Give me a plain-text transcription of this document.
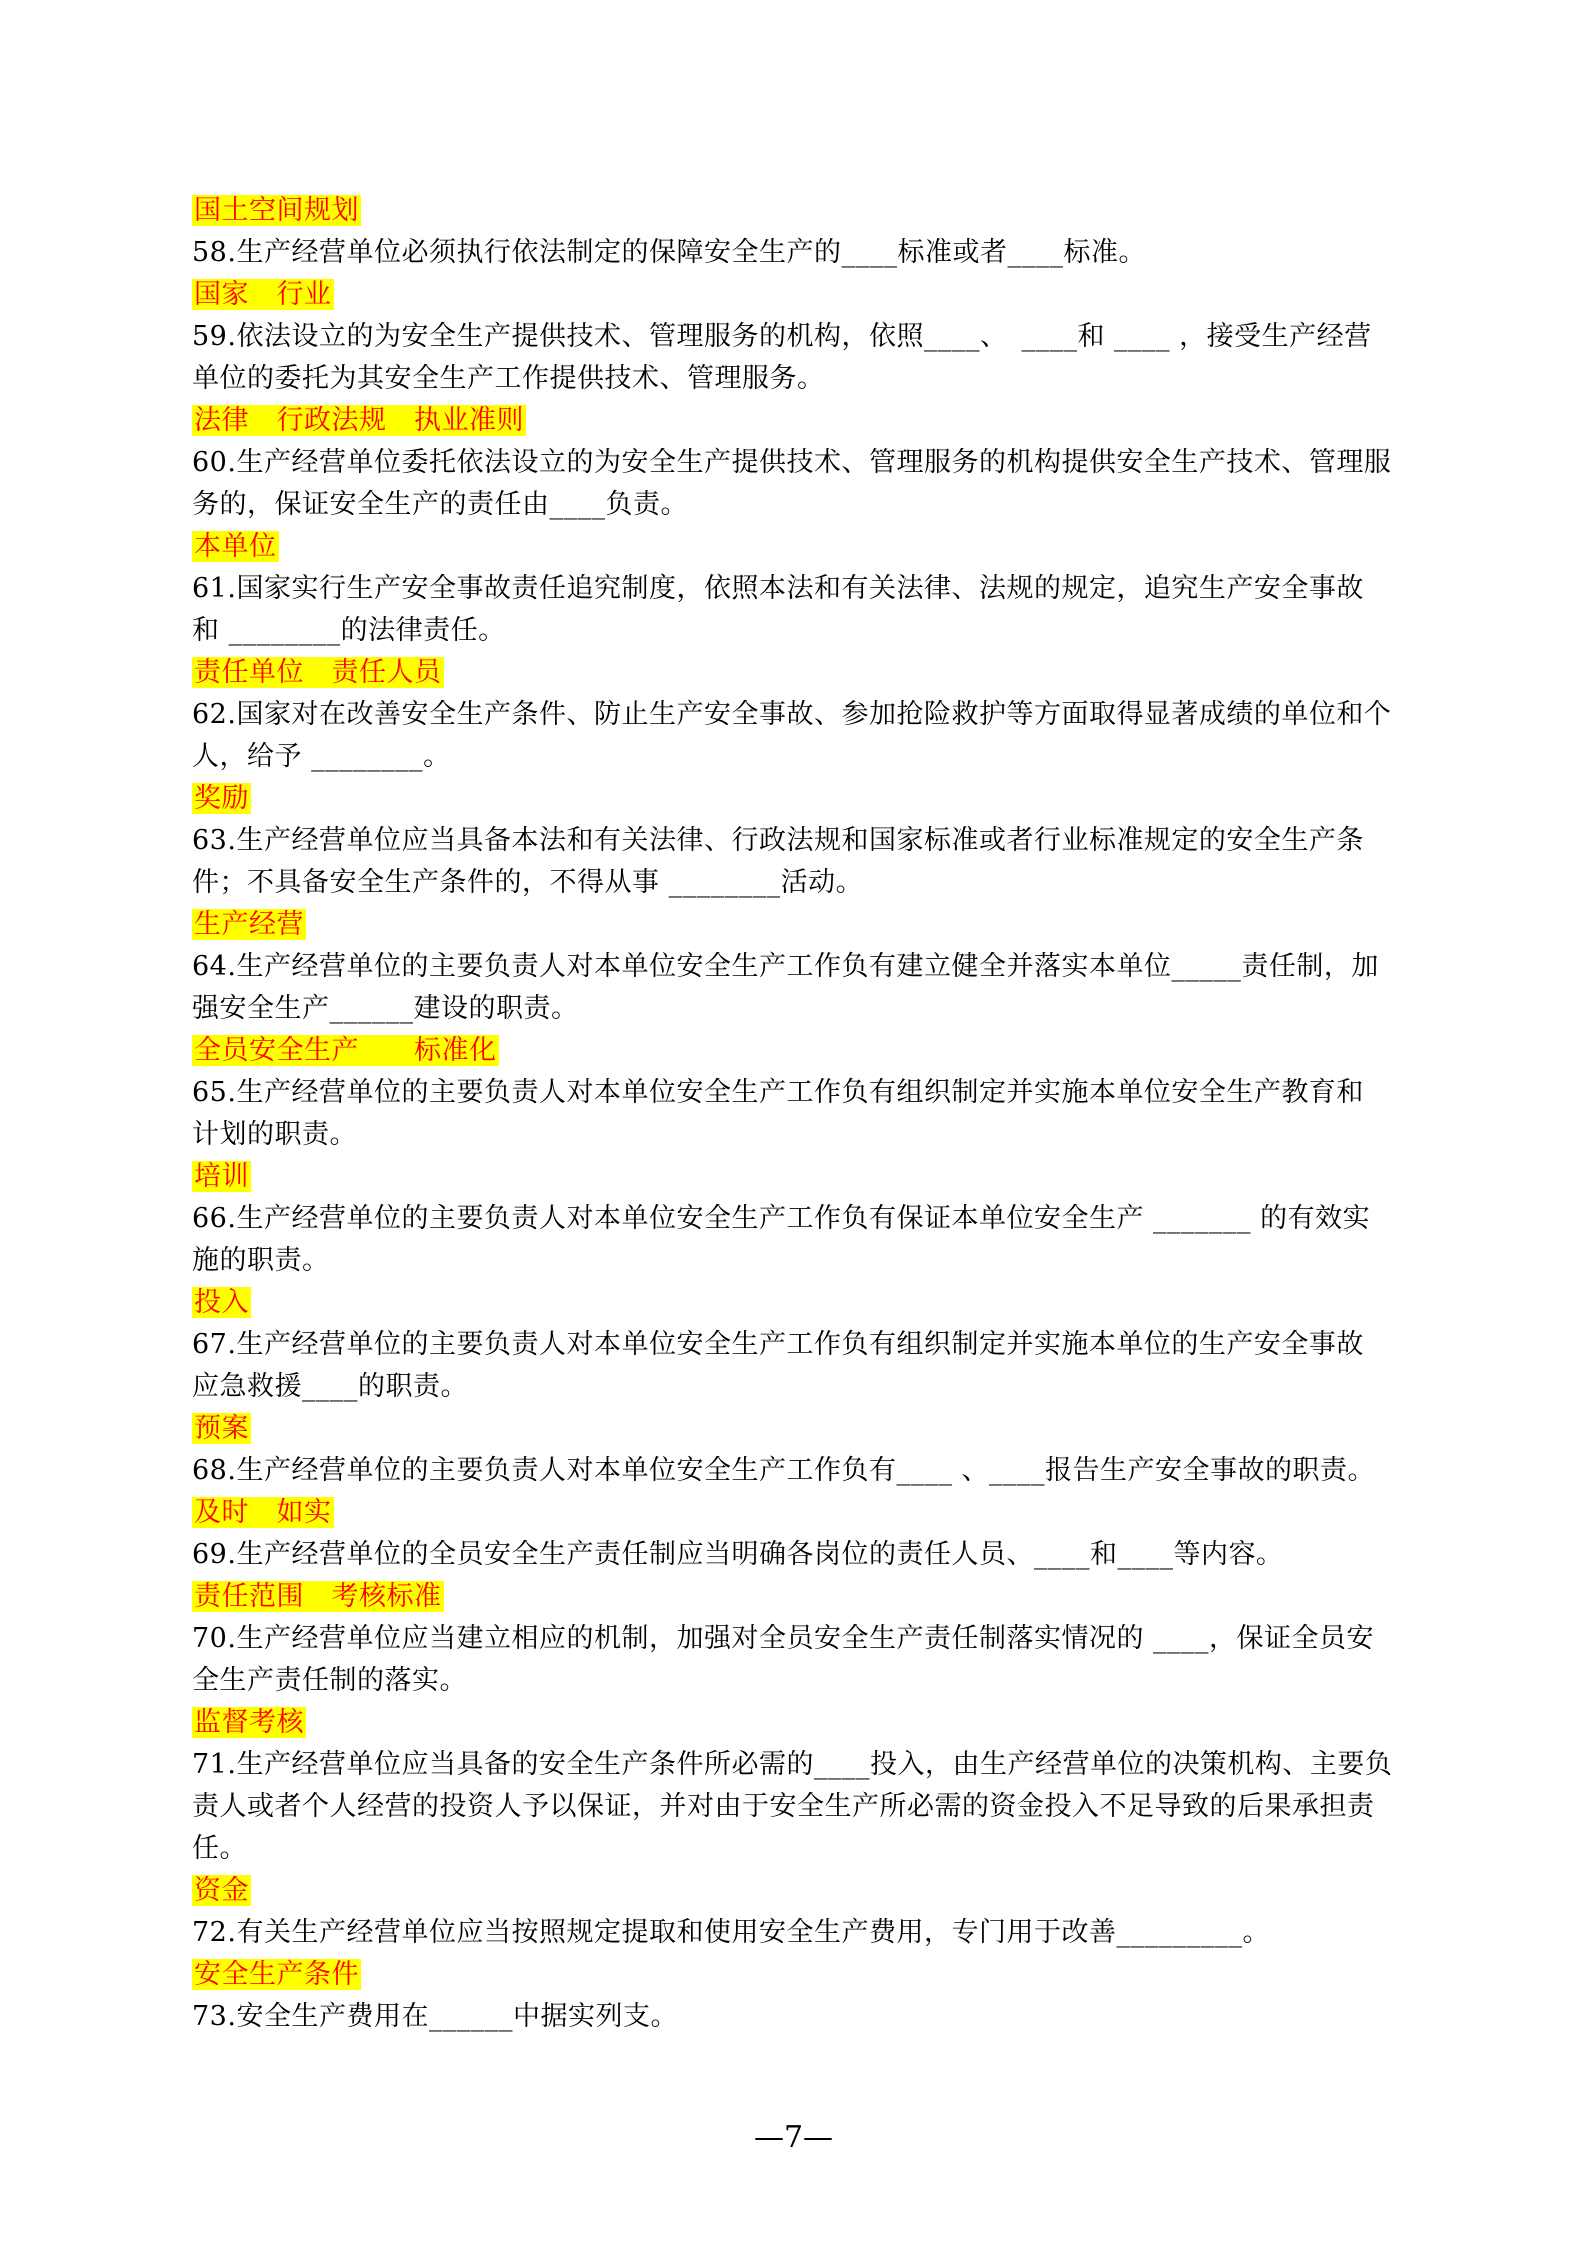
国土空间规划
58.生产经营单位必须执行依法制定的保障安全生产的____标准或者____标准。
国家　行业
59.依法设立的为安全生产提供技术、管理服务的机构，依照____、　____和 ____ ，接受生产经营
单位的委托为其安全生产工作提供技术、管理服务。
法律　行政法规　执业准则
60.生产经营单位委托依法设立的为安全生产提供技术、管理服务的机构提供安全生产技术、管理服
务的，保证安全生产的责任由____负责。
本单位
61.国家实行生产安全事故责任追究制度，依照本法和有关法律、法规的规定，追究生产安全事故
和 ________的法律责任。
责任单位　责任人员
62.国家对在改善安全生产条件、防止生产安全事故、参加抢险救护等方面取得显著成绩的单位和个
人，给予 ________。
奖励
63.生产经营单位应当具备本法和有关法律、行政法规和国家标准或者行业标准规定的安全生产条
件；不具备安全生产条件的，不得从事 ________活动。
生产经营
64.生产经营单位的主要负责人对本单位安全生产工作负有建立健全并落实本单位_____责任制，加
强安全生产______建设的职责。
全员安全生产　　标准化
65.生产经营单位的主要负责人对本单位安全生产工作负有组织制定并实施本单位安全生产教育和
计划的职责。
培训
66.生产经营单位的主要负责人对本单位安全生产工作负有保证本单位安全生产 _______ 的有效实
施的职责。
投入
67.生产经营单位的主要负责人对本单位安全生产工作负有组织制定并实施本单位的生产安全事故
应急救援____的职责。
预案
68.生产经营单位的主要负责人对本单位安全生产工作负有____ 、____报告生产安全事故的职责。
及时　如实
69.生产经营单位的全员安全生产责任制应当明确各岗位的责任人员、____和____等内容。
责任范围　考核标准
70.生产经营单位应当建立相应的机制，加强对全员安全生产责任制落实情况的 ____，保证全员安
全生产责任制的落实。
监督考核
71.生产经营单位应当具备的安全生产条件所必需的____投入，由生产经营单位的决策机构、主要负
责人或者个人经营的投资人予以保证，并对由于安全生产所必需的资金投入不足导致的后果承担责
任。
资金
72.有关生产经营单位应当按照规定提取和使用安全生产费用，专门用于改善_________。
安全生产条件
73.安全生产费用在______中据实列支。
—7—
